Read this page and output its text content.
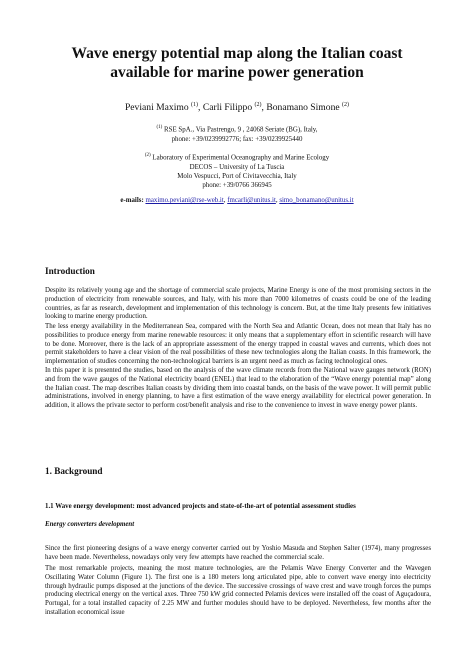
Wave energy potential map along the Italian coast
available for marine power generation
Peviani Maximo $^{(1)}$, Carli Filippo $^{(2)}$, Bonamano Simone $^{(2)}$
$^{(1)}$ RSE SpA., Via Pastrengo, 9 , 24068 Seriate (BG), Italy,
phone: +39/0239992776; fax: +39/0239925440
$^{(2)}$ Laboratory of Experimental Oceanography and Marine Ecology
DECOS – University of La Tuscia
Molo Vespucci, Port of Civitavecchia, Italy
phone: +39/0766 366945
e-mails: maximo.peviani@rse-web.it, fmcarli@unitus.it, simo_bonamano@unitus.it
Introduction

Despite its relatively young age and the shortage of commercial scale projects, Marine Energy is one of the most promising sectors in the production of electricity from renewable sources, and Italy, with his more than 7000 kilometres of coasts could be one of the leading countries, as far as research, development and implementation of this technology is concern. But, at the time Italy presents few initiatives looking to marine energy production.

The less energy availability in the Mediterranean Sea, compared with the North Sea and Atlantic Ocean, does not mean that Italy has no possibilities to produce energy from marine renewable resources: it only means that a supplementary effort in scientific research will have to be done. Moreover, there is the lack of an appropriate assessment of the energy trapped in coastal waves and currents, which does not permit stakeholders to have a clear vision of the real possibilities of these new technologies along the Italian coasts. In this framework, the implementation of studies concerning the non-technological barriers is an urgent need as much as facing technological ones.

In this paper it is presented the studies, based on the analysis of the wave climate records from the National wave gauges network (RON) and from the wave gauges of the National electricity board (ENEL) that lead to the elaboration of the “Wave energy potential map” along the Italian coast. The map describes Italian coasts by dividing them into coastal bands, on the basis of the wave power. It will permit public administrations, involved in energy planning, to have a first estimation of the wave energy availability for electrical power generation. In addition, it allows the private sector to perform cost/benefit analysis and rise to the convenience to invest in wave energy power plants.

1. Background
1.1 Wave energy development: most advanced projects and state-of-the-art of potential assessment studies
Energy converters development

Since the first pioneering designs of a wave energy converter carried out by Yoshio Masuda and Stephen Salter (1974), many progresses have been made. Nevertheless, nowadays only very few attempts have reached the commercial scale.

The most remarkable projects, meaning the most mature technologies, are the Pelamis Wave Energy Converter and the Wavegen Oscillating Water Column (Figure 1). The first one is a 180 meters long articulated pipe, able to convert wave energy into electricity through hydraulic pumps disposed at the junctions of the device. The successive crossings of wave crest and wave trough forces the pumps producing electrical energy on the vertical axes. Three 750 kW grid connected Pelamis devices were installed off the coast of Aguçadoura, Portugal, for a total installed capacity of 2.25 MW and further modules should have to be deployed. Nevertheless, few months after the installation economical issue
